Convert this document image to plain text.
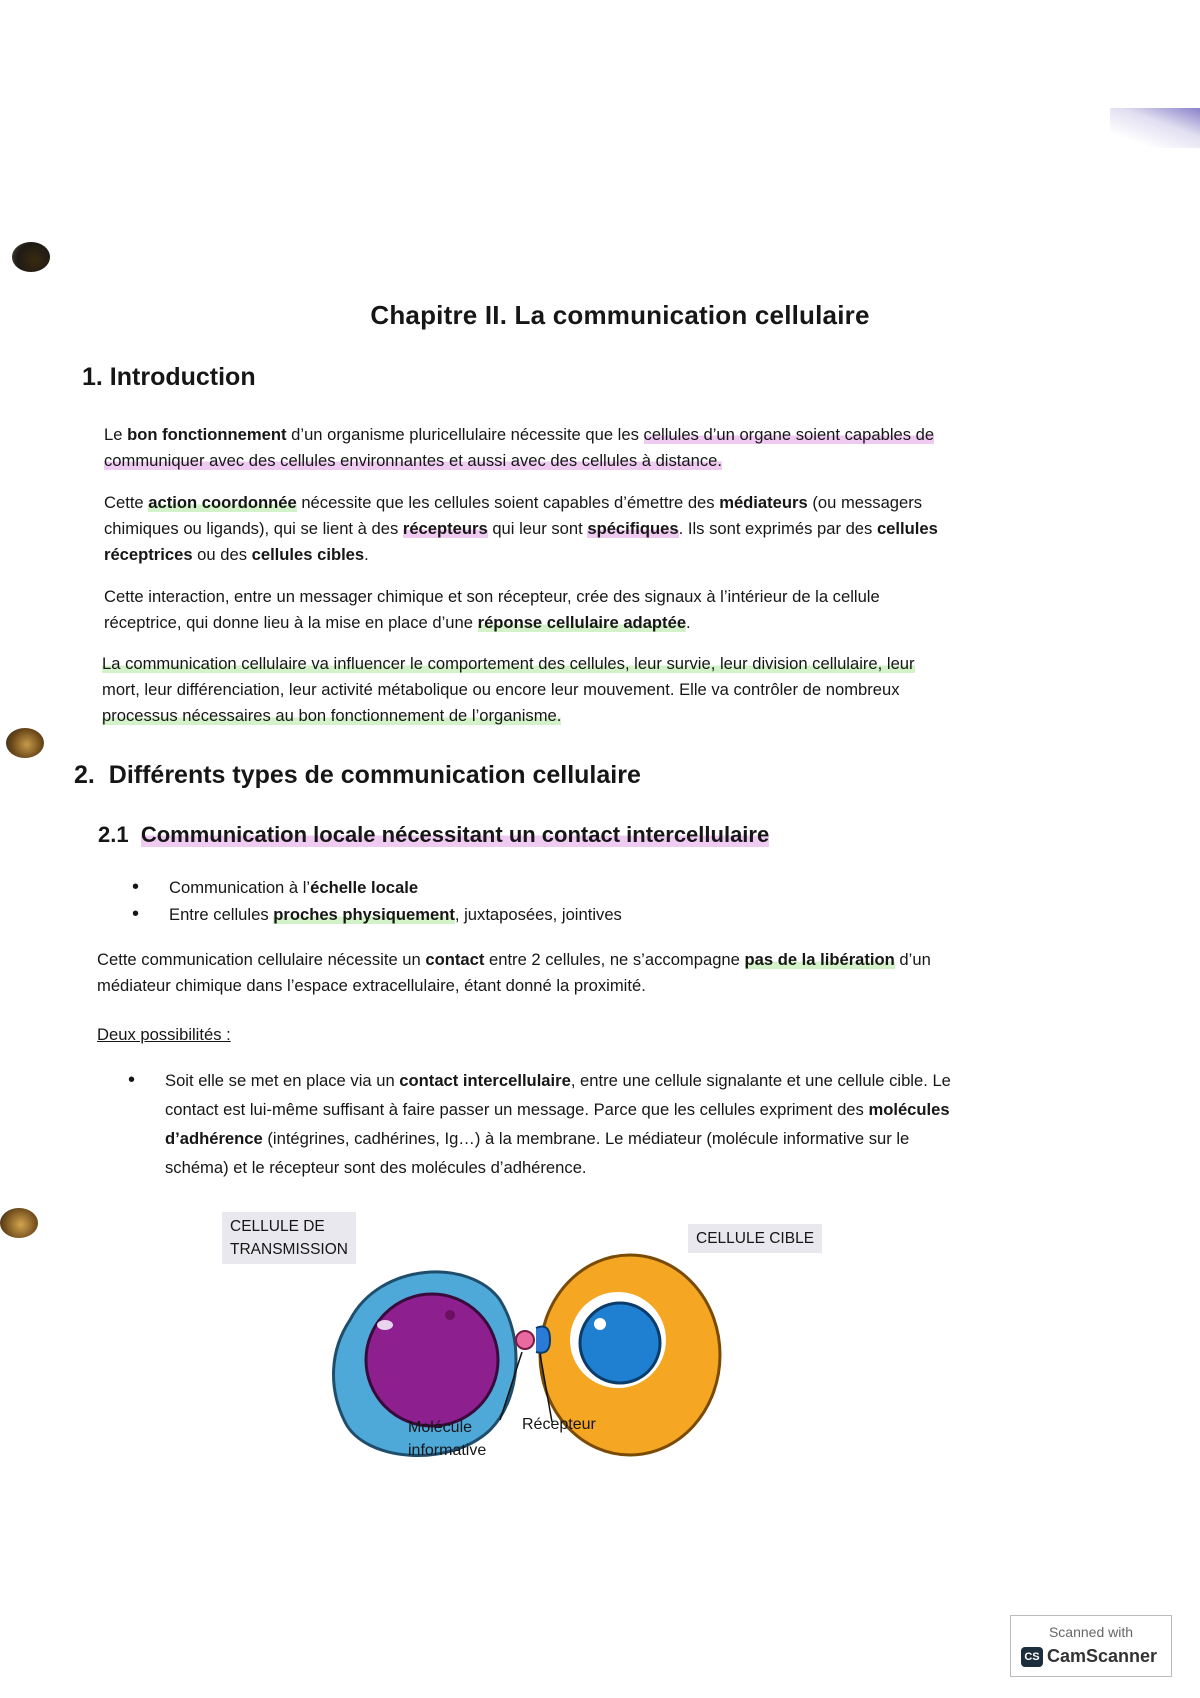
Chapitre II. La communication cellulaire
1. Introduction
Le bon fonctionnement d’un organisme pluricellulaire nécessite que les cellules d’un organe soient capables de
communiquer avec des cellules environnantes et aussi avec des cellules à distance.
Cette action coordonnée nécessite que les cellules soient capables d’émettre des médiateurs (ou messagers
chimiques ou ligands), qui se lient à des récepteurs qui leur sont spécifiques. Ils sont exprimés par des cellules
réceptrices ou des cellules cibles.
Cette interaction, entre un messager chimique et son récepteur, crée des signaux à l’intérieur de la cellule
réceptrice, qui donne lieu à la mise en place d’une réponse cellulaire adaptée.
La communication cellulaire va influencer le comportement des cellules, leur survie, leur division cellulaire, leur
mort, leur différenciation, leur activité métabolique ou encore leur mouvement. Elle va contrôler de nombreux
processus nécessaires au bon fonctionnement de l’organisme.
2. Différents types de communication cellulaire
2.1 Communication locale nécessitant un contact intercellulaire
• Communication à l’échelle locale
• Entre cellules proches physiquement, juxtaposées, jointives
Cette communication cellulaire nécessite un contact entre 2 cellules, ne s’accompagne pas de la libération d’un
médiateur chimique dans l’espace extracellulaire, étant donné la proximité.
Deux possibilités :
• Soit elle se met en place via un contact intercellulaire, entre une cellule signalante et une cellule cible. Le
contact est lui-même suffisant à faire passer un message. Parce que les cellules expriment des molécules
d’adhérence (intégrines, cadhérines, Ig…) à la membrane. Le médiateur (molécule informative sur le
schéma) et le récepteur sont des molécules d’adhérence.
CELLULE DE
TRANSMISSION
CELLULE CIBLE
Molécule
informative
Récepteur
Scanned with
CS CamScanner
